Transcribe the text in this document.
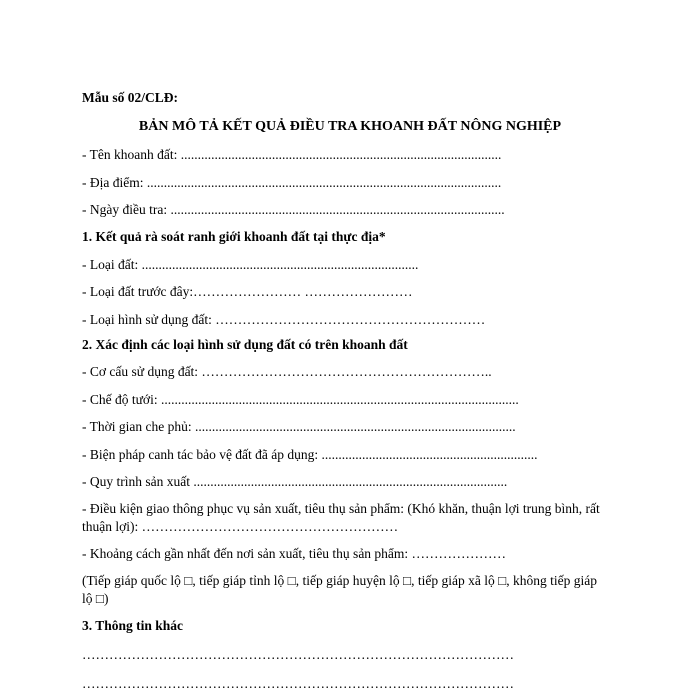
Mẫu số 02/CLĐ:
BẢN MÔ TẢ KẾT QUẢ ĐIỀU TRA KHOANH ĐẤT NÔNG NGHIỆP
- Tên khoanh đất: ...............................................................................................
- Địa điểm: .........................................................................................................
- Ngày điều tra: ...................................................................................................
1. Kết quả rà soát ranh giới khoanh đất tại thực địa*
- Loại đất: ..................................................................................
- Loại đất trước đây:…………………… ……………………
- Loại hình sử dụng đất: ……………………………………………………
2. Xác định các loại hình sử dụng đất có trên khoanh đất
- Cơ cấu sử dụng đất: ………………………………………………………..
- Chế độ tưới: ..........................................................................................................
- Thời gian che phủ: ...............................................................................................
- Biện pháp canh tác bảo vệ đất đã áp dụng: ................................................................
- Quy trình sản xuất .............................................................................................
- Điều kiện giao thông phục vụ sản xuất, tiêu thụ sản phẩm: (Khó khăn, thuận lợi trung bình, rất thuận lợi): …………………………………………………
- Khoảng cách gần nhất đến nơi sản xuất, tiêu thụ sản phẩm: …………………
(Tiếp giáp quốc lộ □, tiếp giáp tỉnh lộ □, tiếp giáp huyện lộ □, tiếp giáp xã lộ □, không tiếp giáp lộ □)
3. Thông tin khác
……………………………………………………………………………………
……………………………………………………………………………………
